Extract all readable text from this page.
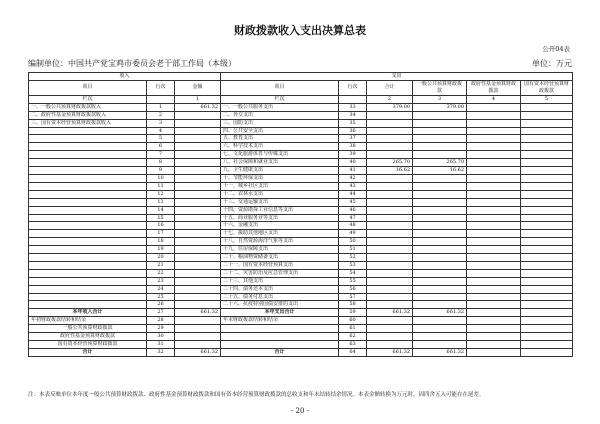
财政拨款收入支出决算总表
公开04表
编制单位：中国共产党宝鸡市委员会老干部工作局（本级）	单位：万元
收入			支出					
项目	行次	金额	项目	行次	合计	一般公共预算财政拨款	政府性基金预算财政拨款	国有资本经营预算财政拨款
栏次		1	栏次		2	3	4	5
一、一般公共预算财政拨款收入	1	661.32	一、一般公共服务支出	33	379.00	379.00		
二、政府性基金预算财政拨款收入	2		二、外交支出	34				
三、国有资本经营预算财政拨款收入	3		三、国防支出	35				
	4		四、公共安全支出	36				
	5		五、教育支出	37				
	6		六、科学技术支出	38				
	7		七、文化旅游体育与传媒支出	39				
	8		八、社会保障和就业支出	40	265.70	265.70		
	9		九、卫生健康支出	41	16.62	16.62		
	10		十、节能环保支出	42				
	11		十一、城乡社区支出	43				
	12		十二、农林水支出	44				
	13		十三、交通运输支出	45				
	14		十四、资源勘探工业信息等支出	46				
	15		十五、商业服务业等支出	47				
	16		十六、金融支出	48				
	17		十七、援助其他地区支出	49				
	18		十八、自然资源海洋气象等支出	50				
	19		十九、住房保障支出	51				
	20		二十、粮油物资储备支出	52				
	21		二十一、国有资本经营预算支出	53				
	22		二十二、灾害防治及应急管理支出	54				
	23		二十三、其他支出	55				
	24		二十四、债务还本支出	56				
	25		二十五、债务付息支出	57				
	26		二十六、抗疫特别国债安排的支出	58				
本年收入合计	27	661.32	本年支出合计	59	661.32	661.32		
年初财政拨款结转和结余	28		年末财政拨款结转和结余	60				
一般公共预算财政拨款	29			61				
政府性基金预算财政拨款	30			62				
国有资本经营预算财政拨款	31			63				
合计	32	661.32	合计	64	661.32	661.32		
注：本表反映单位本年度一般公共预算财政拨款、政府性基金预算财政拨款和国有资本经营预算财政拨款的总收支和年末结转结余情况。本表金额转换为万元时，因四舍五入可能存在尾差。
- 20 -
